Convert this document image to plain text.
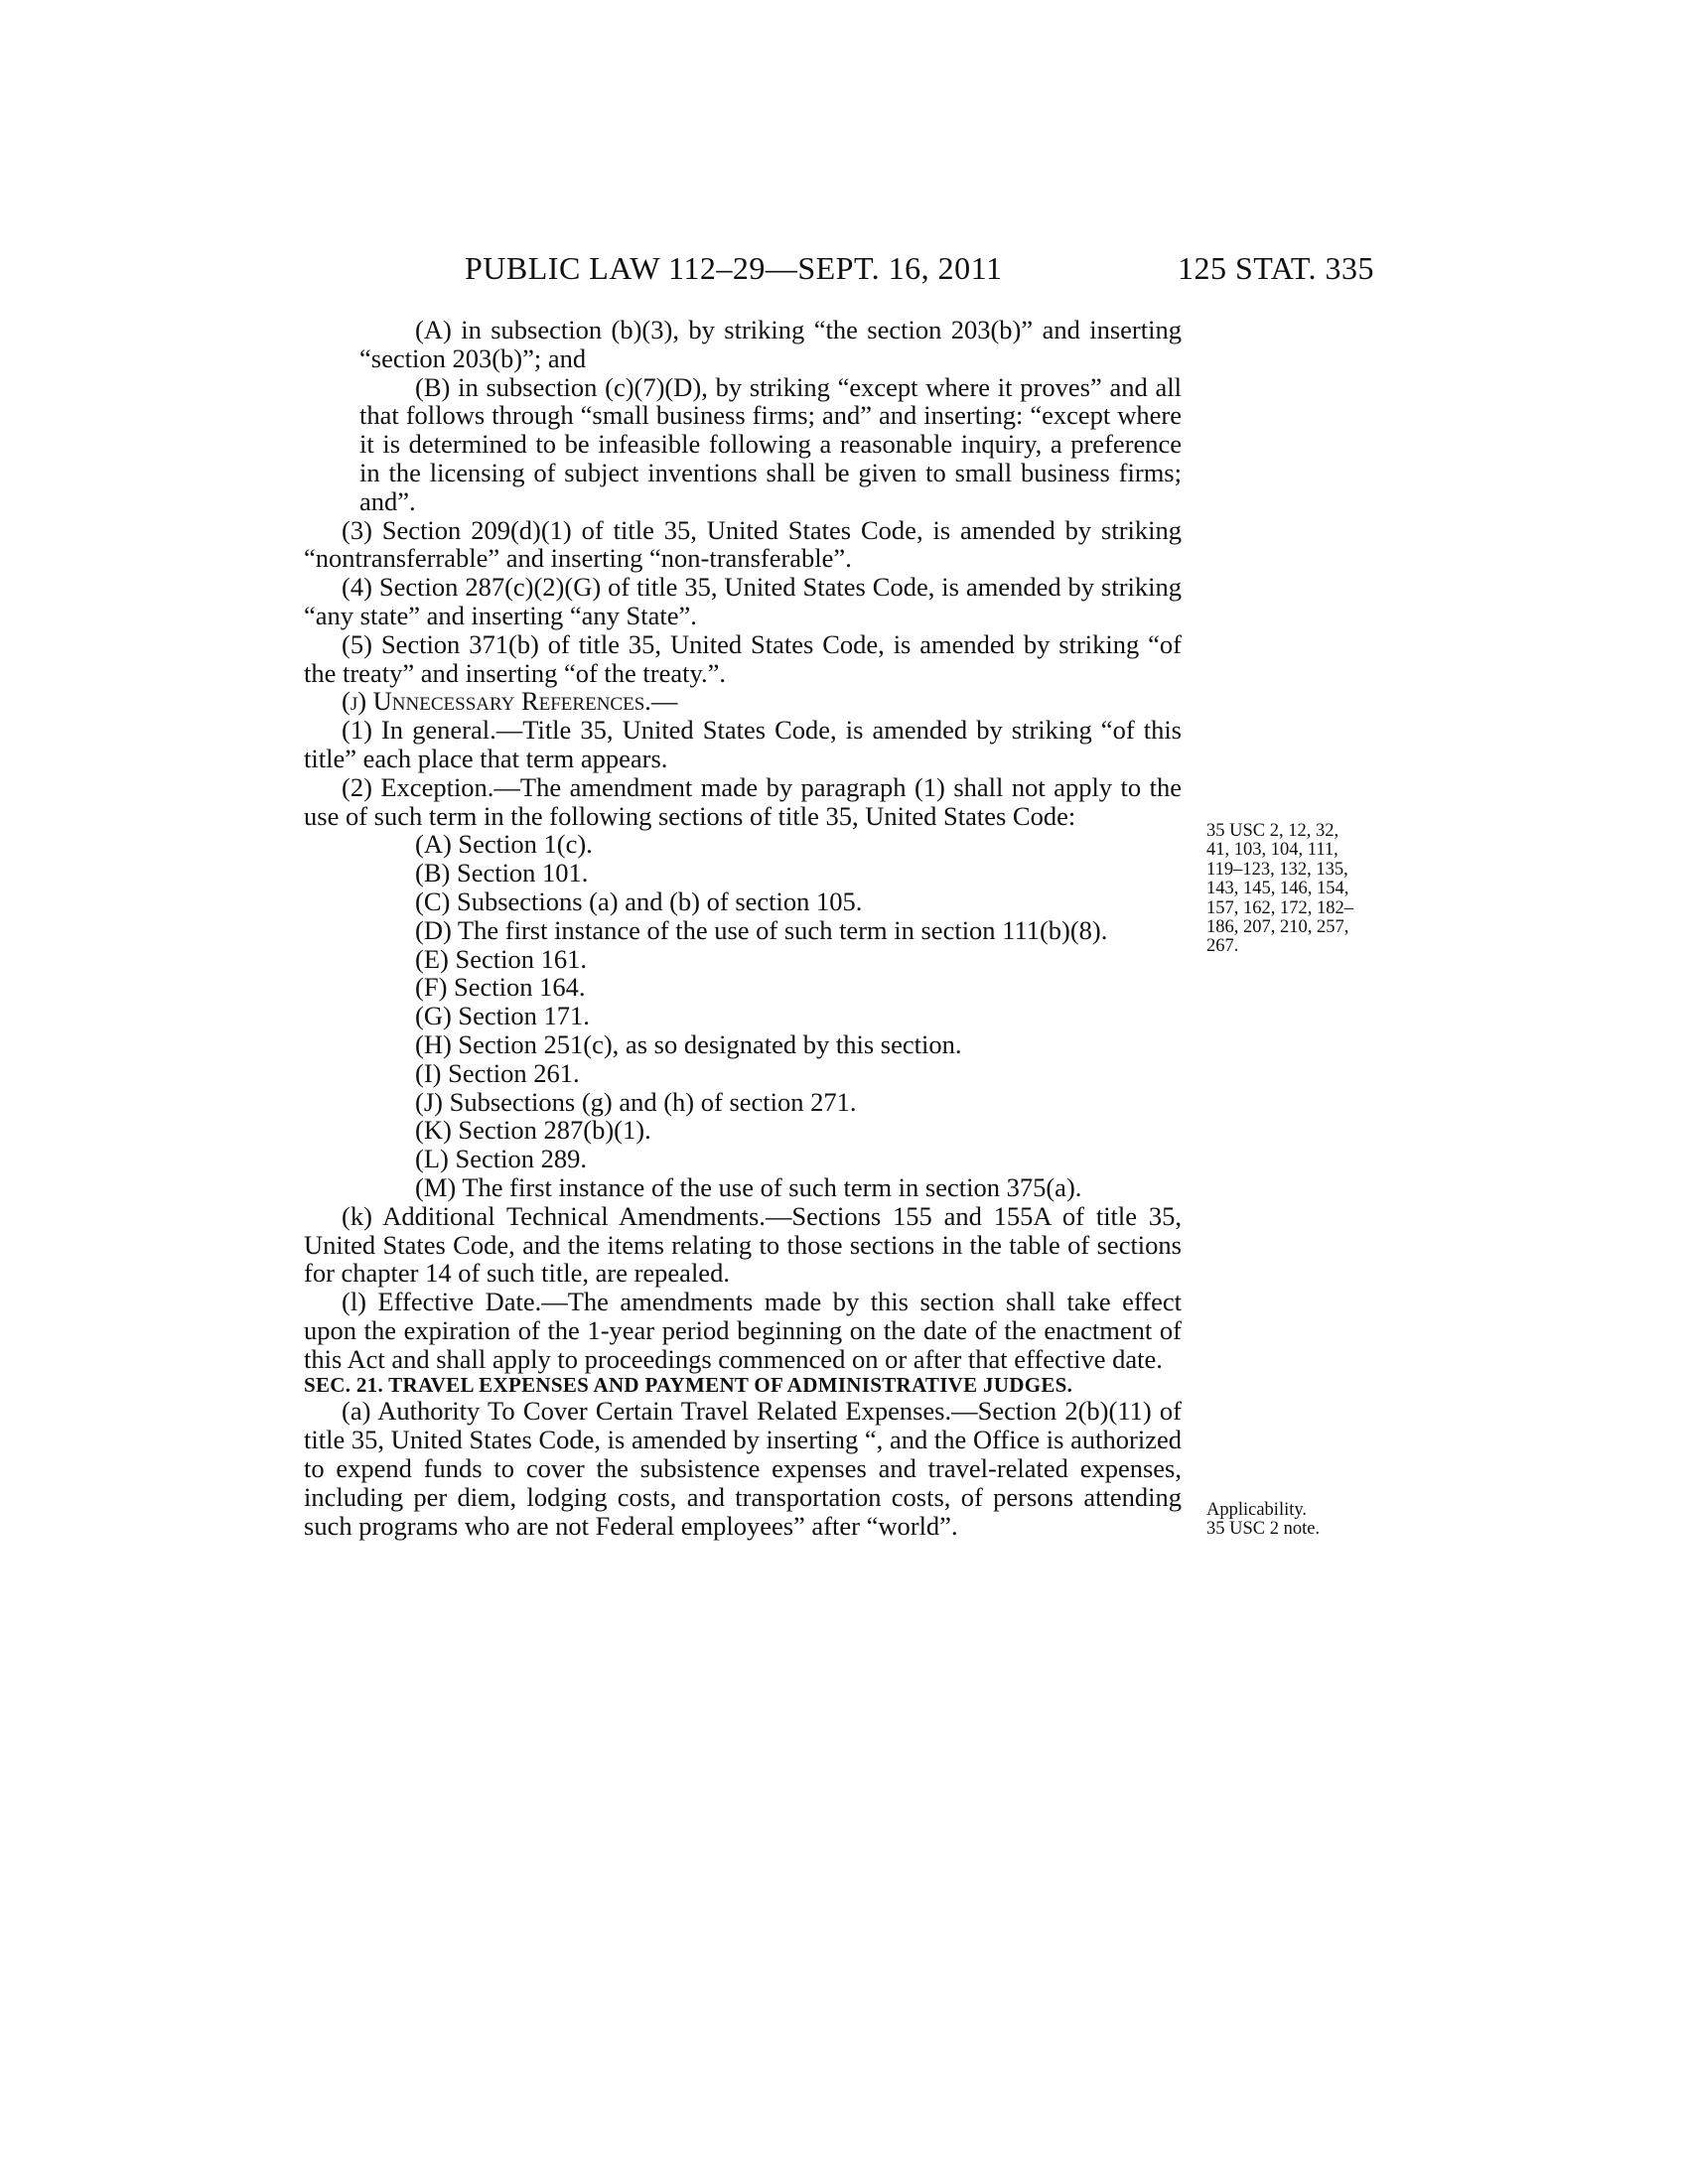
PUBLIC LAW 112–29—SEPT. 16, 2011	125 STAT. 335

(A) in subsection (b)(3), by striking “the section 203(b)” and inserting “section 203(b)”; and

(B) in subsection (c)(7)(D), by striking “except where it proves” and all that follows through “small business firms; and” and inserting: “except where it is determined to be infeasible following a reasonable inquiry, a preference in the licensing of subject inventions shall be given to small business firms; and”.

(3) Section 209(d)(1) of title 35, United States Code, is amended by striking “nontransferrable” and inserting “non-transferable”.

(4) Section 287(c)(2)(G) of title 35, United States Code, is amended by striking “any state” and inserting “any State”.

(5) Section 371(b) of title 35, United States Code, is amended by striking “of the treaty” and inserting “of the treaty.”.

(j) Unnecessary References.—

(1) In general.—Title 35, United States Code, is amended by striking “of this title” each place that term appears.

(2) Exception.—The amendment made by paragraph (1) shall not apply to the use of such term in the following sections of title 35, United States Code:

(A) Section 1(c).

(B) Section 101.

(C) Subsections (a) and (b) of section 105.

(D) The first instance of the use of such term in section 111(b)(8).

(E) Section 161.

(F) Section 164.

(G) Section 171.

(H) Section 251(c), as so designated by this section.

(I) Section 261.

(J) Subsections (g) and (h) of section 271.

(K) Section 287(b)(1).

(L) Section 289.

(M) The first instance of the use of such term in section 375(a).

(k) Additional Technical Amendments.—Sections 155 and 155A of title 35, United States Code, and the items relating to those sections in the table of sections for chapter 14 of such title, are repealed.

(l) Effective Date.—The amendments made by this section shall take effect upon the expiration of the 1-year period beginning on the date of the enactment of this Act and shall apply to proceedings commenced on or after that effective date.

SEC. 21. TRAVEL EXPENSES AND PAYMENT OF ADMINISTRATIVE JUDGES.

(a) Authority To Cover Certain Travel Related Expenses.—Section 2(b)(11) of title 35, United States Code, is amended by inserting “, and the Office is authorized to expend funds to cover the subsistence expenses and travel-related expenses, including per diem, lodging costs, and transportation costs, of persons attending such programs who are not Federal employees” after “world”.

35 USC 2, 12, 32, 41, 103, 104, 111, 119–123, 132, 135, 143, 145, 146, 154, 157, 162, 172, 182–186, 207, 210, 257, 267.
Applicability.
35 USC 2 note.
